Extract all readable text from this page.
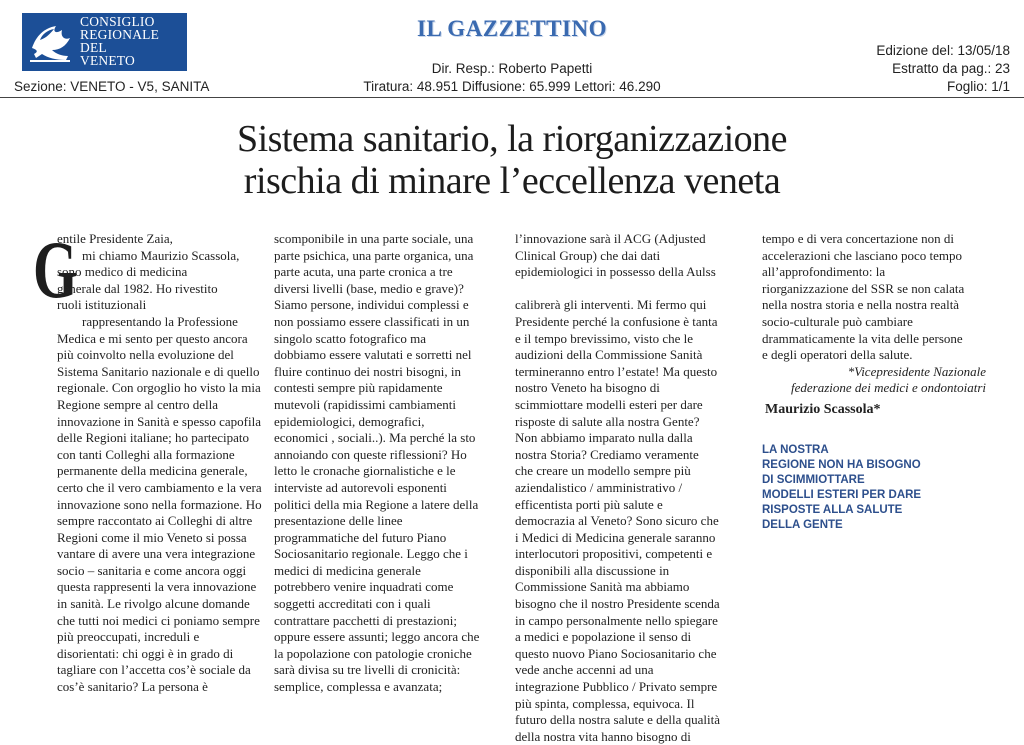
CONSIGLIO
REGIONALE
DEL
VENETO
IL GAZZETTINO
Dir. Resp.: Roberto Papetti
Tiratura: 48.951 Diffusione: 65.999 Lettori: 46.290
Sezione: VENETO - V5, SANITA
Edizione del: 13/05/18
Estratto da pag.: 23
Foglio: 1/1
Sistema sanitario, la riorganizzazione
rischia di minare l’eccellenza veneta
G

entile Presidente Zaia,

mi chiamo Maurizio Scassola,

sono medico di medicina

generale dal 1982. Ho rivestito

ruoli istituzionali

rappresentando la Professione

Medica e mi sento per questo ancora

più coinvolto nella evoluzione del

Sistema Sanitario nazionale e di quello

regionale. Con orgoglio ho visto la mia

Regione sempre al centro della

innovazione in Sanità e spesso capofila

delle Regioni italiane; ho partecipato

con tanti Colleghi alla formazione

permanente della medicina generale,

certo che il vero cambiamento e la vera

innovazione sono nella formazione. Ho

sempre raccontato ai Colleghi di altre

Regioni come il mio Veneto si possa

vantare di avere una vera integrazione

socio – sanitaria e come ancora oggi

questa rappresenti la vera innovazione

in sanità. Le rivolgo alcune domande

che tutti noi medici ci poniamo sempre

più preoccupati, increduli e

disorientati: chi oggi è in grado di

tagliare con l’accetta cos’è sociale da

cos’è sanitario? La persona è

scomponibile in una parte sociale, una

parte psichica, una parte organica, una

parte acuta, una parte cronica a tre

diversi livelli (base, medio e grave)?

Siamo persone, individui complessi e

non possiamo essere classificati in un

singolo scatto fotografico ma

dobbiamo essere valutati e sorretti nel

fluire continuo dei nostri bisogni, in

contesti sempre più rapidamente

mutevoli (rapidissimi cambiamenti

epidemiologici, demografici,

economici , sociali..). Ma perché la sto

annoiando con queste riflessioni? Ho

letto le cronache giornalistiche e le

interviste ad autorevoli esponenti

politici della mia Regione a latere della

presentazione delle linee

programmatiche del futuro Piano

Sociosanitario regionale. Leggo che i

medici di medicina generale

potrebbero venire inquadrati come

soggetti accreditati con i quali

contrattare pacchetti di prestazioni;

oppure essere assunti; leggo ancora che

la popolazione con patologie croniche

sarà divisa su tre livelli di cronicità:

semplice, complessa e avanzata;

l’innovazione sarà il ACG (Adjusted

Clinical Group) che dai dati

epidemiologici in possesso della Aulss

calibrerà gli interventi. Mi fermo qui

Presidente perché la confusione è tanta

e il tempo brevissimo, visto che le

audizioni della Commissione Sanità

termineranno entro l’estate! Ma questo

nostro Veneto ha bisogno di

scimmiottare modelli esteri per dare

risposte di salute alla nostra Gente?

Non abbiamo imparato nulla dalla

nostra Storia? Crediamo veramente

che creare un modello sempre più

aziendalistico / amministrativo /

efficentista porti più salute e

democrazia al Veneto? Sono sicuro che

i Medici di Medicina generale saranno

interlocutori propositivi, competenti e

disponibili alla discussione in

Commissione Sanità ma abbiamo

bisogno che il nostro Presidente scenda

in campo personalmente nello spiegare

a medici e popolazione il senso di

questo nuovo Piano Sociosanitario che

vede anche accenni ad una

integrazione Pubblico / Privato sempre

più spinta, complessa, equivoca. Il

futuro della nostra salute e della qualità

della nostra vita hanno bisogno di

tempo e di vera concertazione non di

accelerazioni che lasciano poco tempo

all’approfondimento: la

riorganizzazione del SSR se non calata

nella nostra storia e nella nostra realtà

socio-culturale può cambiare

drammaticamente la vita delle persone

e degli operatori della salute.

*Vicepresidente Nazionale

federazione dei medici e ondontoiatri

Maurizio Scassola*

LA NOSTRA
REGIONE NON HA BISOGNO
DI SCIMMIOTTARE
MODELLI ESTERI PER DARE
RISPOSTE ALLA SALUTE
DELLA GENTE
